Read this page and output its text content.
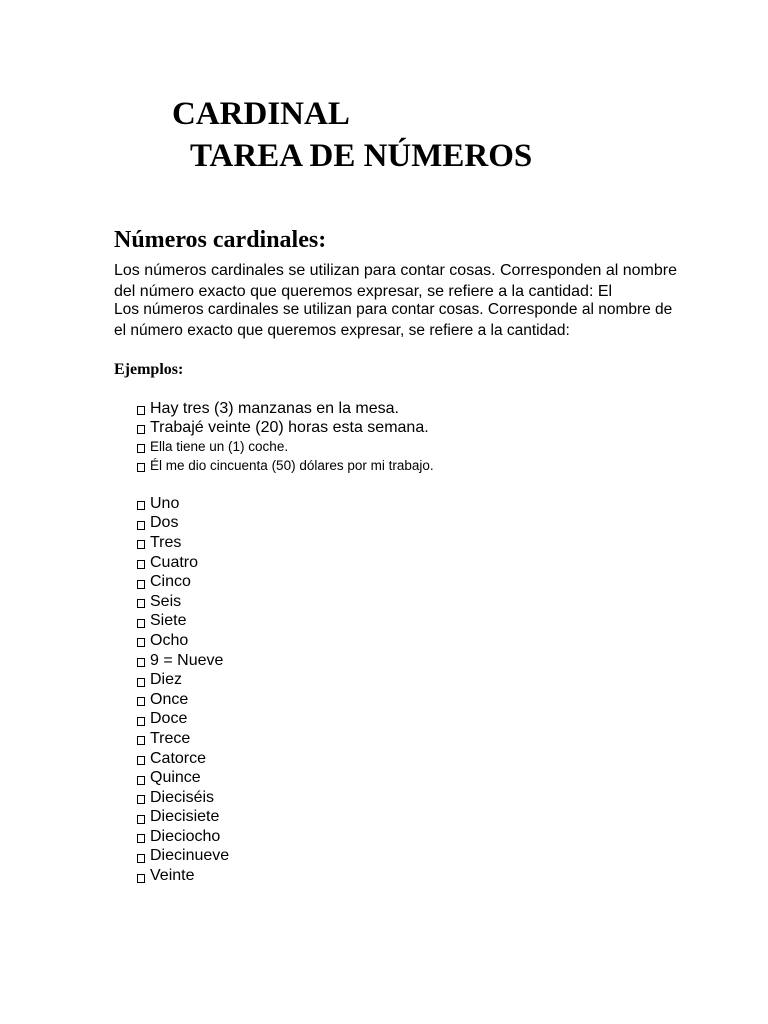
CARDINAL
TAREA DE NÚMEROS
Números cardinales:

Los números cardinales se utilizan para contar cosas. Corresponden al nombre
del número exacto que queremos expresar, se refiere a la cantidad: El

Los números cardinales se utilizan para contar cosas. Corresponde al nombre de
el número exacto que queremos expresar, se refiere a la cantidad:

Ejemplos:

Hay tres (3) manzanas en la mesa.
Trabajé veinte (20) horas esta semana.
Ella tiene un (1) coche.
Él me dio cincuenta (50) dólares por mi trabajo.
Uno
Dos
Tres
Cuatro
Cinco
Seis
Siete
Ocho
9 = Nueve
Diez
Once
Doce
Trece
Catorce
Quince
Dieciséis
Diecisiete
Dieciocho
Diecinueve
Veinte
